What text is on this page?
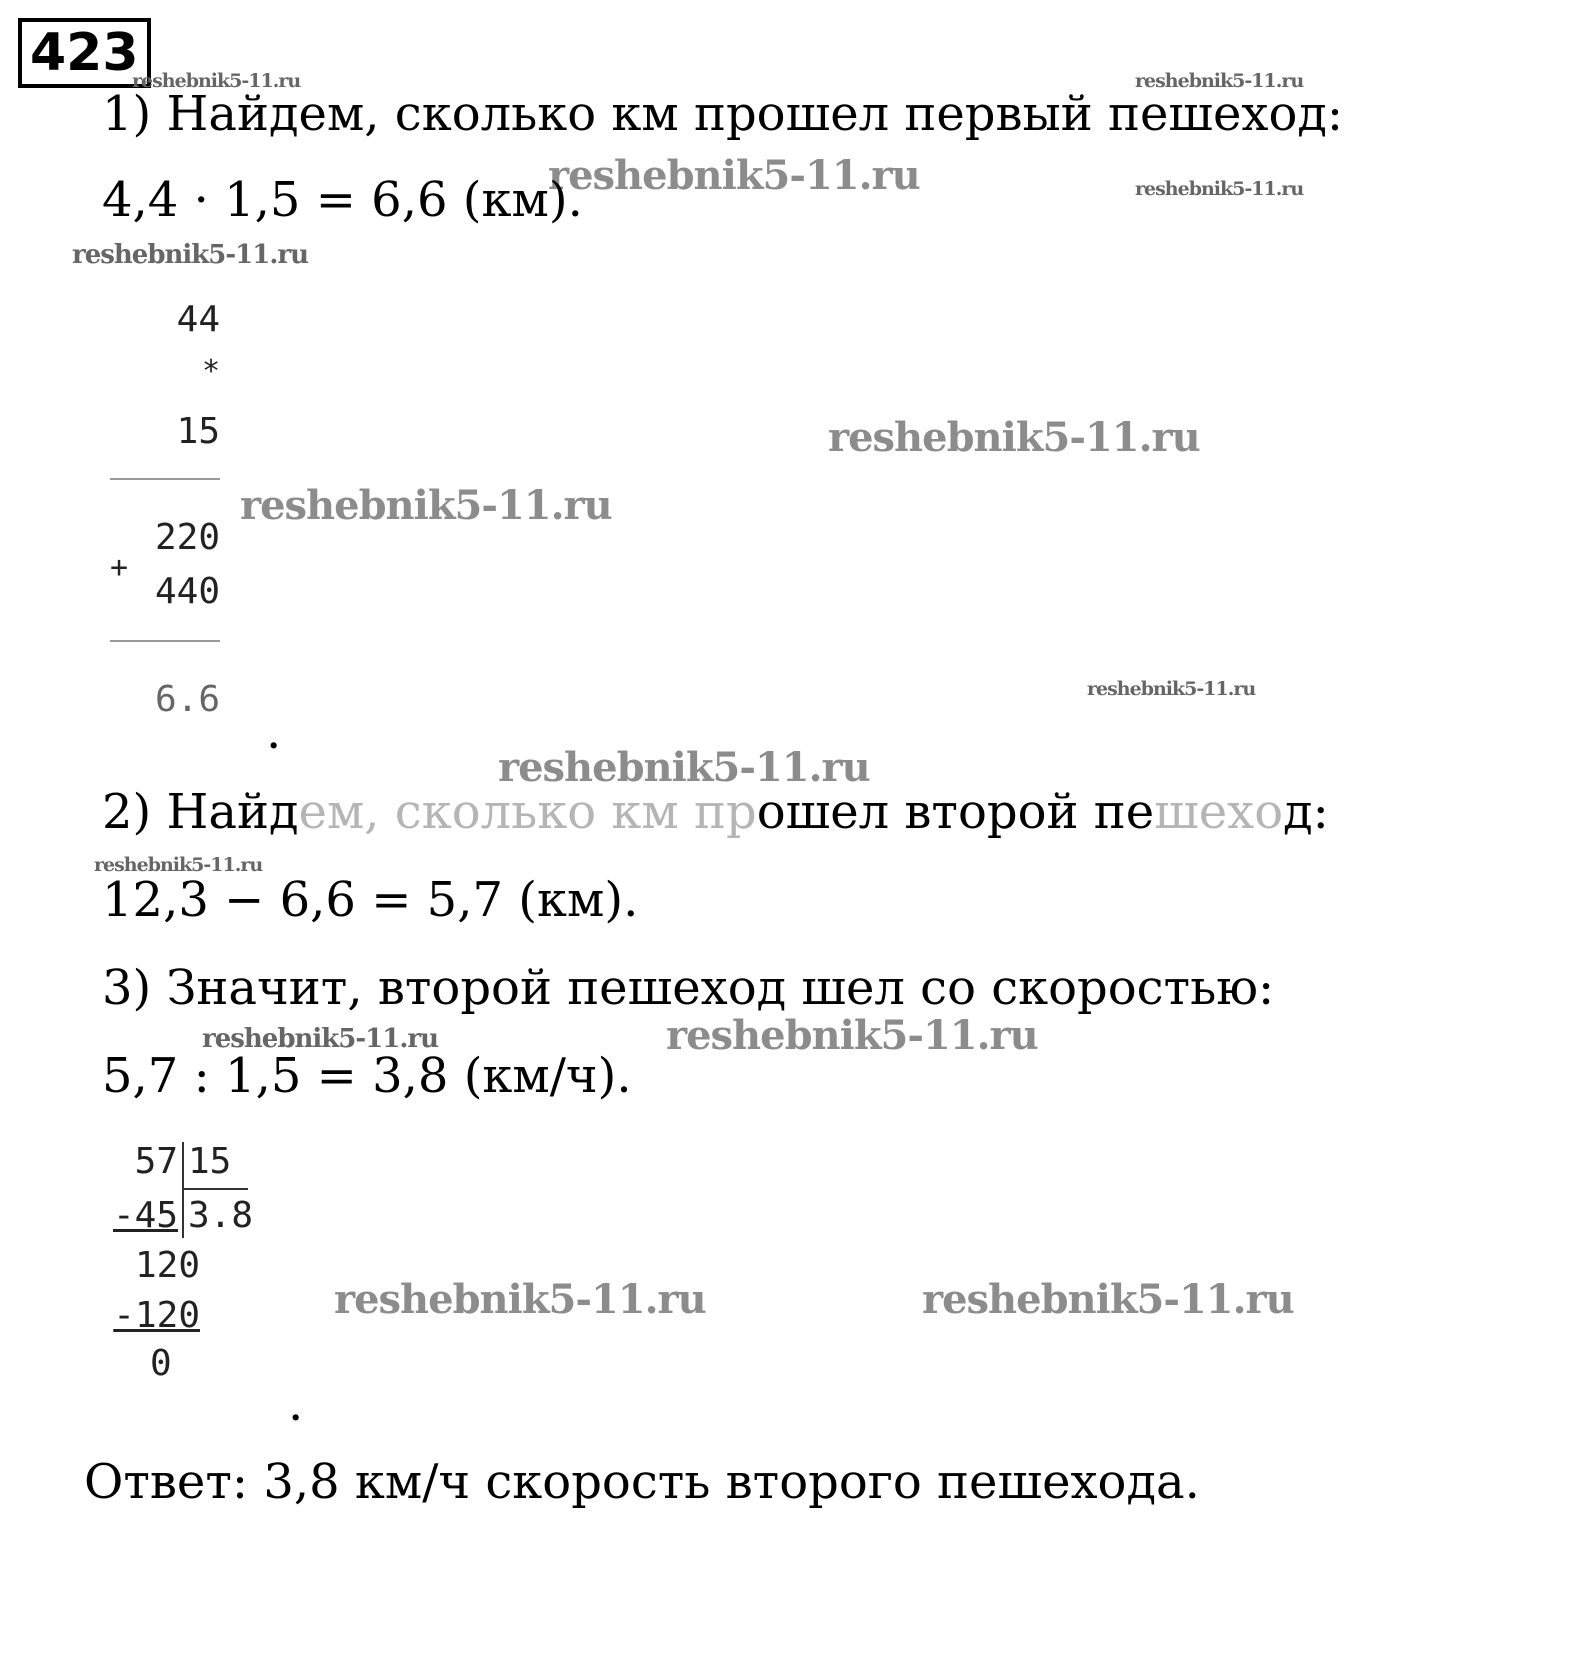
423
reshebnik5-11.ru	reshebnik5-11.ru
reshebnik5-11.ru
reshebnik5-11.ru
reshebnik5-11.ru
reshebnik5-11.ru
reshebnik5-11.ru
reshebnik5-11.ru
reshebnik5-11.ru
reshebnik5-11.ru
reshebnik5-11.ru	reshebnik5-11.ru
reshebnik5-11.ru	reshebnik5-11.ru
1) Найдем, сколько км прошел первый пешеход:
4,4 · 1,5 = 6,6 (км).
44
*
15
220
+
440
6.6
.
2) Найдем, сколько км прошел второй пешеход:
12,3 − 6,6 = 5,7 (км).
3) Значит, второй пешеход шел со скоростью:
5,7 : 1,5 = 3,8 (км/ч).
57 15
-45 3.8
120
-120
0
.
Ответ: 3,8 км/ч скорость второго пешехода.
